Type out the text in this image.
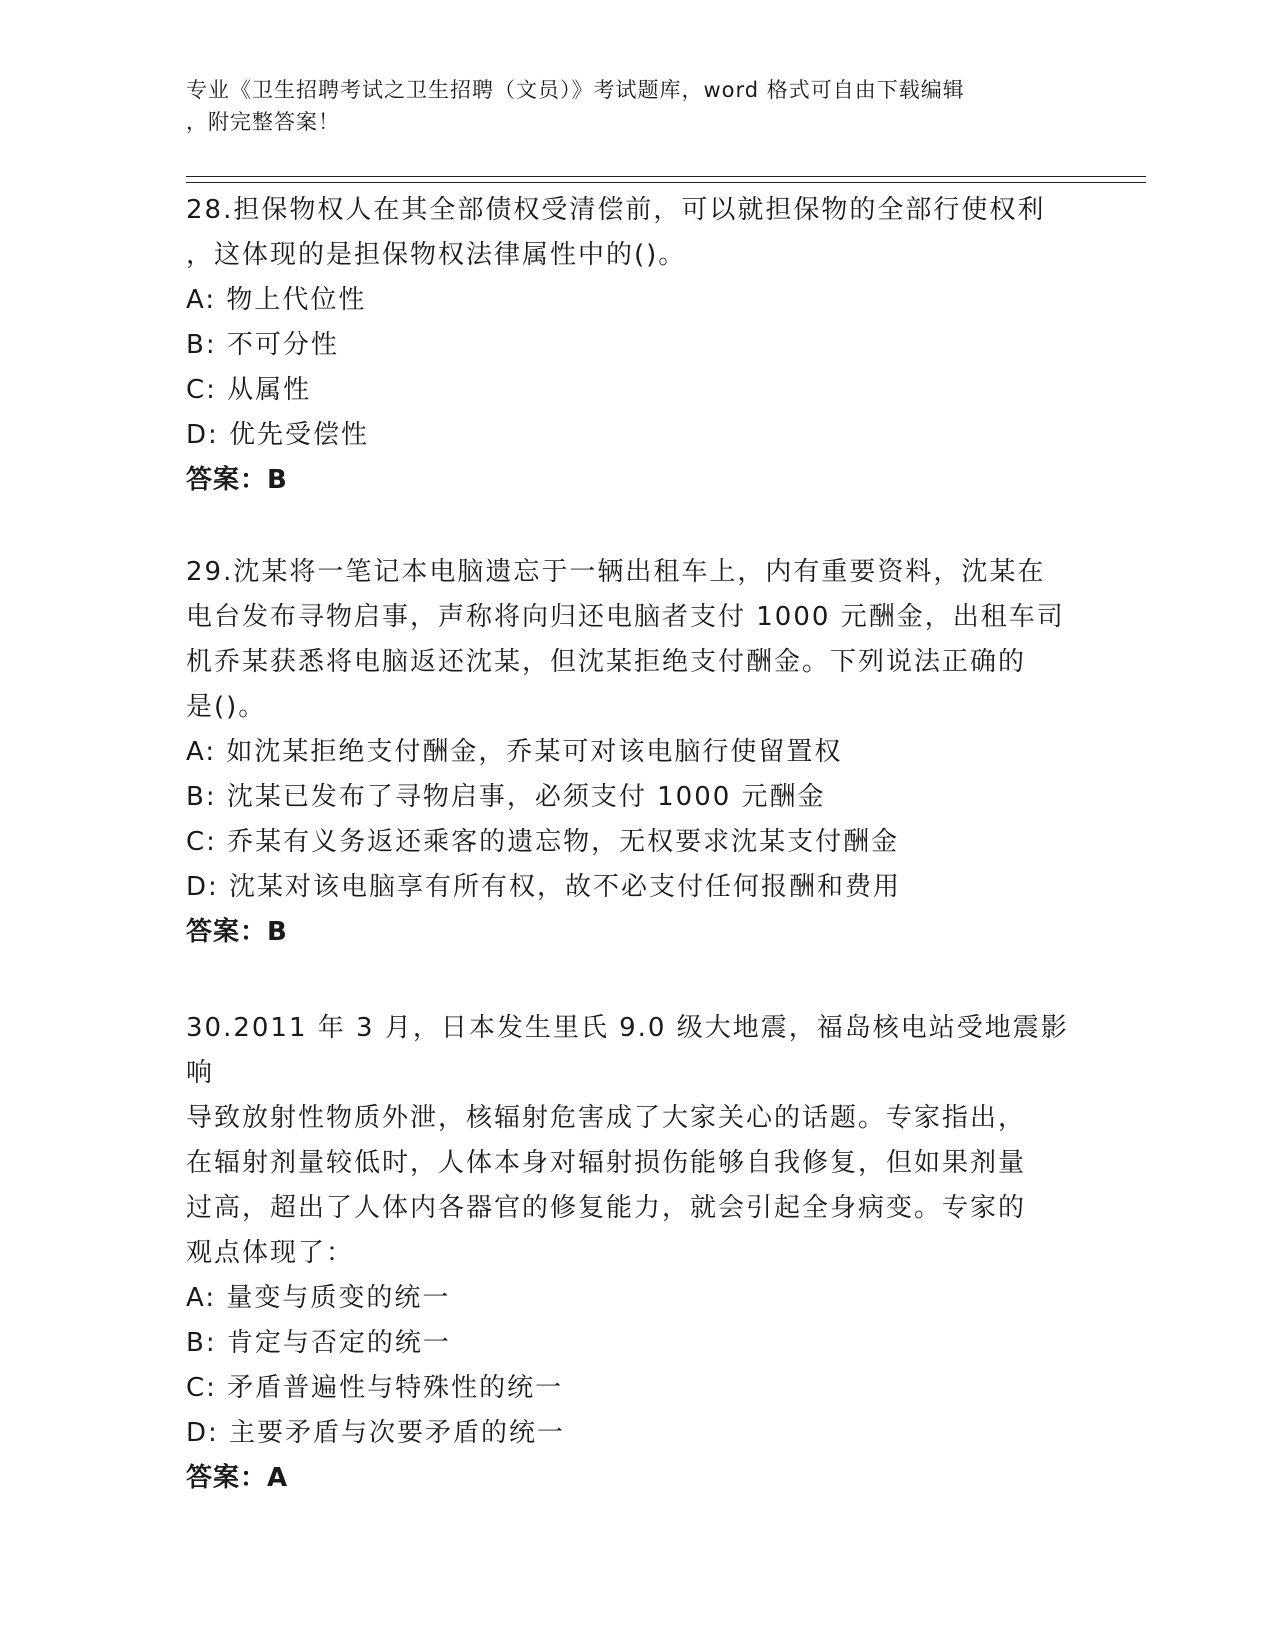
专业《卫生招聘考试之卫生招聘（文员）》考试题库，word 格式可自由下载编辑
，附完整答案！
28.担保物权人在其全部债权受清偿前，可以就担保物的全部行使权利
，这体现的是担保物权法律属性中的()。
A: 物上代位性
B: 不可分性
C: 从属性
D: 优先受偿性
答案：B
29.沈某将一笔记本电脑遗忘于一辆出租车上，内有重要资料，沈某在
电台发布寻物启事，声称将向归还电脑者支付 1000 元酬金，出租车司
机乔某获悉将电脑返还沈某，但沈某拒绝支付酬金。下列说法正确的
是()。
A: 如沈某拒绝支付酬金，乔某可对该电脑行使留置权
B: 沈某已发布了寻物启事，必须支付 1000 元酬金
C: 乔某有义务返还乘客的遗忘物，无权要求沈某支付酬金
D: 沈某对该电脑享有所有权，故不必支付任何报酬和费用
答案：B
30.2011 年 3 月，日本发生里氏 9.0 级大地震，福岛核电站受地震影响
导致放射性物质外泄，核辐射危害成了大家关心的话题。专家指出，
在辐射剂量较低时，人体本身对辐射损伤能够自我修复，但如果剂量
过高，超出了人体内各器官的修复能力，就会引起全身病变。专家的
观点体现了：
A: 量变与质变的统一
B: 肯定与否定的统一
C: 矛盾普遍性与特殊性的统一
D: 主要矛盾与次要矛盾的统一
答案：A
